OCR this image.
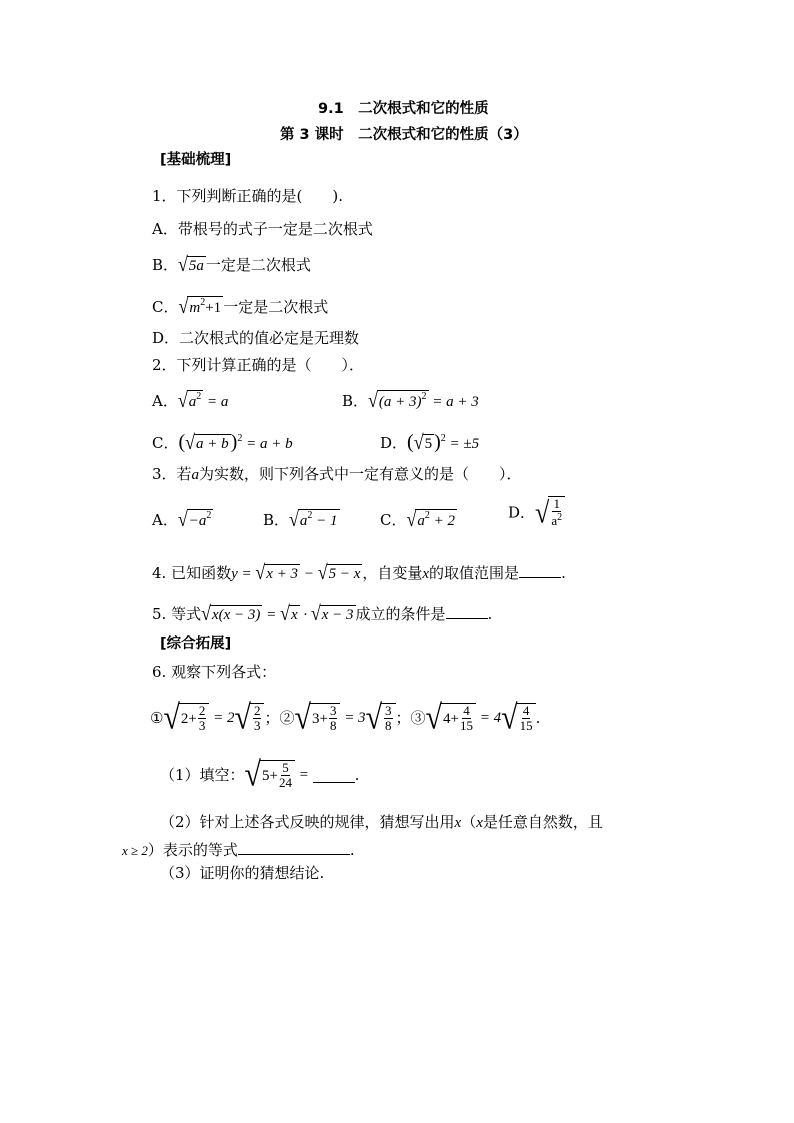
9.1　二次根式和它的性质
第 3 课时　二次根式和它的性质（3）
[基础梳理]
1．下列判断正确的是(　　).
A．带根号的式子一定是二次根式
B．√5a 一定是二次根式
C．$√m^2+1$ 一定是二次根式
D．二次根式的值必定是无理数
2．下列计算正确的是（　　）．
A．$√a^2 = a$	B．$√(a + 3)^2 = a + 3$
C．(√a + b )$^2$ = a + b	D．(√5 )$^2$ = ±5
3．若a为实数，则下列各式中一定有意义的是（　　）．
A．$√-a^2$	B．$√a^2 - 1$	C．$√a^2 + 2$	D． √ $\frac{1}{a^2}$
4. 已知函数y = √x + 3 − √5 − x ，自变量x的取值范围是	.
5. 等式√x(x − 3) = √x · √x − 3 成立的条件是	.
[综合拓展]
6. 观察下列各式：
① √ $2+ \frac{2}{3} = 2$ √ $\frac{2}{3}$ ；② √ $3+ \frac{3}{8} = 3$ √ $\frac{3}{8}$ ；③ √ $4+ \frac{4}{15} = 4$ √ $\frac{4}{15}$ .
（1）填空： √ $5+ \frac{5}{24}$ =	.
（2）针对上述各式反映的规律，猜想写出用x（x是任意自然数，且
x ≥ 2）表示的等式	.
（3）证明你的猜想结论.
